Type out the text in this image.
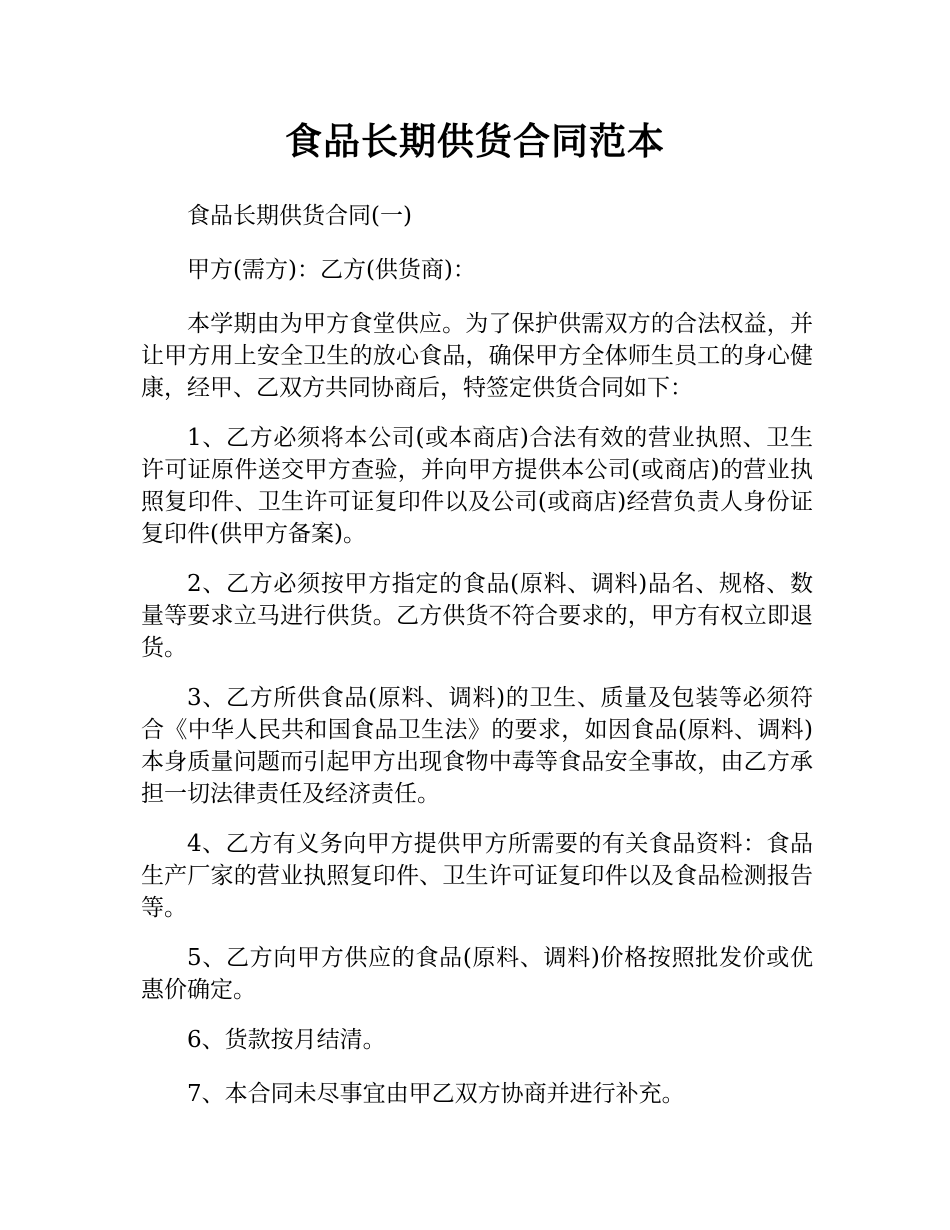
食品长期供货合同范本

食品长期供货合同(一)

甲方(需方)：乙方(供货商)：

本学期由为甲方食堂供应。为了保护供需双方的合法权益，并让甲方用上安全卫生的放心食品，确保甲方全体师生员工的身心健康，经甲、乙双方共同协商后，特签定供货合同如下：

1、乙方必须将本公司(或本商店)合法有效的营业执照、卫生许可证原件送交甲方查验，并向甲方提供本公司(或商店)的营业执照复印件、卫生许可证复印件以及公司(或商店)经营负责人身份证复印件(供甲方备案)。

2、乙方必须按甲方指定的食品(原料、调料)品名、规格、数量等要求立马进行供货。乙方供货不符合要求的，甲方有权立即退货。

3、乙方所供食品(原料、调料)的卫生、质量及包装等必须符合《中华人民共和国食品卫生法》的要求，如因食品(原料、调料)本身质量问题而引起甲方出现食物中毒等食品安全事故，由乙方承担一切法律责任及经济责任。

4、乙方有义务向甲方提供甲方所需要的有关食品资料：食品生产厂家的营业执照复印件、卫生许可证复印件以及食品检测报告等。

5、乙方向甲方供应的食品(原料、调料)价格按照批发价或优惠价确定。

6、货款按月结清。

7、本合同未尽事宜由甲乙双方协商并进行补充。
